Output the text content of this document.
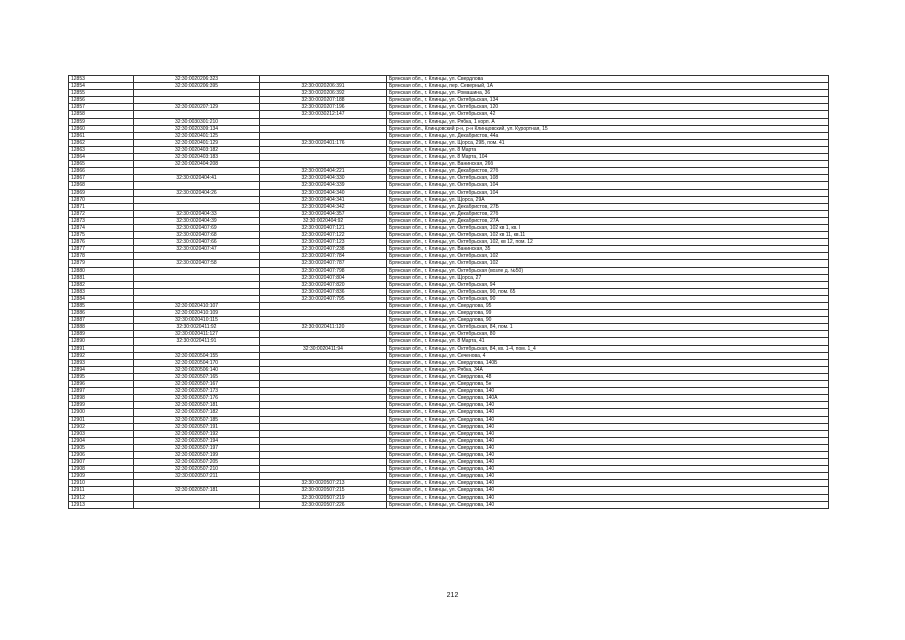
12853	32:30:0020206:323		Брянская обл., г. Клинцы, ул. Свердлова
12854	32:30:0020206:395	32:30:0020206:391	Брянская обл., г. Клинцы, пер. Северный, 1А
12855		32:30:0020206:392	Брянская обл., г. Клинцы, ул. Ромашина, 36
12856		32:30:0020207:188	Брянская обл., г. Клинцы, ул. Октябрьская, 134
12857	32:30:0020207:129	32:30:0020207:196	Брянская обл., г. Клинцы, ул. Октябрьская, 120
12858		32:30:0030212:147	Брянская обл., г. Клинцы, ул. Октябрьская, 42
12859	32:30:0030301:210		Брянская обл., г. Клинцы, ул. Рябка, 1 корп. А
12860	32:30:0020309:134		Брянская обл., Клинцовский р-н, р-н Клинцовский, ул. Курортная, 15
12861	32:30:0020401:125		Брянская обл., г. Клинцы, ул. Декабристов, 44а
12862	32:30:0020401:129	32:30:0020401:176	Брянская обл., г. Клинцы, ул. Щорса, 29Б, пом. 41
12863	32:30:0020403:182		Брянская обл., г. Клинцы, ул. 8 Марта
12864	32:30:0020403:183		Брянская обл., г. Клинцы, ул. 8 Марта, 104
12865	32:30:0020404:208		Брянская обл., г. Клинцы, ул. Ванинская, 26б
12866		32:30:0020404:221	Брянская обл., г. Клинцы, ул. Декабристов, 27б
12867	32:30:0020404:41	32:30:0020404:330	Брянская обл., г. Клинцы, ул. Октябрьская, 108
12868		32:30:0020404:339	Брянская обл., г. Клинцы, ул. Октябрьская, 104
12869	32:30:0020404:26	32:30:0020404:340	Брянская обл., г. Клинцы, ул. Октябрьская, 104
12870		32:30:0020404:341	Брянская обл., г. Клинцы, ул. Щорса, 29А
12871		32:30:0020404:342	Брянская обл., г. Клинцы, ул. Декабристов, 27Б
12872	32:30:0020404:33	32:30:0020404:357	Брянская обл., г. Клинцы, ул. Декабристов, 27б
12873	32:30:0020404:39	32:30:0020404:92	Брянская обл., г. Клинцы, ул. Декабристов, 27А
12874	32:30:0020407:69	32:30:0020407:121	Брянская обл., г. Клинцы, ул. Октябрьская, 102 кв 1, кв. I
12875	32:30:0020407:68	32:30:0020407:122	Брянская обл., г. Клинцы, ул. Октябрьская, 102 кв 11, кв.11
12876	32:30:0020407:66	32:30:0020407:123	Брянская обл., г. Клинцы, ул. Октябрьская, 102, кв 12, пом. 12
12877	32:30:0020407:47	32:30:0020407:238	Брянская обл., г. Клинцы, ул. Ванинская, 35
12878		32:30:0020407:784	Брянская обл., г. Клинцы, ул. Октябрьская, 102
12879	32:30:0020407:58	32:30:0020407:787	Брянская обл., г. Клинцы, ул. Октябрьская, 102
12880		32:30:0020407:798	Брянская обл., г. Клинцы, ул. Октябрьская (возле д. №50)
12881		32:30:0020407:804	Брянская обл., г. Клинцы, ул. Щорса, 27
12882		32:30:0020407:820	Брянская обл., г. Клинцы, ул. Октябрьская, 94
12883		32:30:0020407:836	Брянская обл., г. Клинцы, ул. Октябрьская, 90, пом. 65
12884		32:30:0020407:795	Брянская обл., г. Клинцы, ул. Октябрьская, 90
12885	32:30:0020410:107		Брянская обл., г. Клинцы, ул. Свердлова, 95
12886	32:30:0020410:109		Брянская обл., г. Клинцы, ул. Свердлова, 99
12887	32:30:0020410:115		Брянская обл., г. Клинцы, ул. Свердлова, 90
12888	32:30:0020411:92	32:30:0020411:120	Брянская обл., г. Клинцы, ул. Октябрьская, 84, пом. 1
12889	32:30:0020411:127		Брянская обл., г. Клинцы, ул. Октябрьская, 80
12890	32:30:0020411:91		Брянская обл., г. Клинцы, ул. 8 Марта, 41
12891		32:30:0020411:94	Брянская обл., г. Клинцы, ул. Октябрьская, 84, кв. 1-4, пом. 1_4
12892	32:30:0020504:155		Брянская обл., г. Клинцы, ул. Сеченова, 4
12893	32:30:0020504:170		Брянская обл., г. Клинцы, ул. Свердлова, 140Б
12894	32:30:0020506:140		Брянская обл., г. Клинцы, ул. Рябка, 34А
12895	32:30:0020507:165		Брянская обл., г. Клинцы, ул. Свердлова, 48
12896	32:30:0020507:167		Брянская обл., г. Клинцы, ул. Свердлова, 5н
12897	32:30:0020507:173		Брянская обл., г. Клинцы, ул. Свердлова, 140
12898	32:30:0020507:176		Брянская обл., г. Клинцы, ул. Свердлова, 140А
12899	32:30:0020507:181		Брянская обл., г. Клинцы, ул. Свердлова, 140
12900	32:30:0020507:182		Брянская обл., г. Клинцы, ул. Свердлова, 140
12901	32:30:0020507:185		Брянская обл., г. Клинцы, ул. Свердлова, 140
12902	32:30:0020507:191		Брянская обл., г. Клинцы, ул. Свердлова, 140
12903	32:30:0020507:192		Брянская обл., г. Клинцы, ул. Свердлова, 140
12904	32:30:0020507:194		Брянская обл., г. Клинцы, ул. Свердлова, 140
12905	32:30:0020507:197		Брянская обл., г. Клинцы, ул. Свердлова, 140
12906	32:30:0020507:199		Брянская обл., г. Клинцы, ул. Свердлова, 140
12907	32:30:0020507:205		Брянская обл., г. Клинцы, ул. Свердлова, 140
12908	32:30:0020507:210		Брянская обл., г. Клинцы, ул. Свердлова, 140
12909	32:30:0020507:211		Брянская обл., г. Клинцы, ул. Свердлова, 140
12910		32:30:0020507:213	Брянская обл., г. Клинцы, ул. Свердлова, 140
12911	32:30:0020507:181	32:30:0020507:215	Брянская обл., г. Клинцы, ул. Свердлова, 140
12912		32:30:0020507:219	Брянская обл., г. Клинцы, ул. Свердлова, 140
12913		32:30:0020507:226	Брянская обл., г. Клинцы, ул. Свердлова, 140
212
